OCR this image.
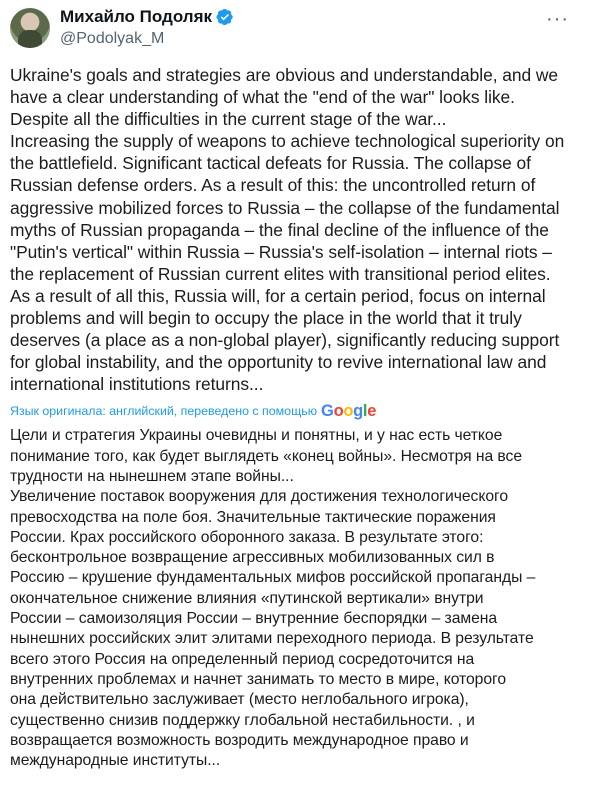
Михайло Подоляк
@Podolyak_M
···
Ukraine's goals and strategies are obvious and understandable, and we
have a clear understanding of what the "end of the war" looks like.
Despite all the difficulties in the current stage of the war...
Increasing the supply of weapons to achieve technological superiority on
the battlefield. Significant tactical defeats for Russia. The collapse of
Russian defense orders. As a result of this: the uncontrolled return of
aggressive mobilized forces to Russia – the collapse of the fundamental
myths of Russian propaganda – the final decline of the influence of the
"Putin's vertical" within Russia – Russia's self-isolation – internal riots –
the replacement of Russian current elites with transitional period elites.
As a result of all this, Russia will, for a certain period, focus on internal
problems and will begin to occupy the place in the world that it truly
deserves (a place as a non-global player), significantly reducing support
for global instability, and the opportunity to revive international law and
international institutions returns...
Язык оригинала: английский, переведено с помощью Google
Цели и стратегия Украины очевидны и понятны, и у нас есть четкое
понимание того, как будет выглядеть «конец войны». Несмотря на все
трудности на нынешнем этапе войны...
Увеличение поставок вооружения для достижения технологического
превосходства на поле боя. Значительные тактические поражения
России. Крах российского оборонного заказа. В результате этого:
бесконтрольное возвращение агрессивных мобилизованных сил в
Россию – крушение фундаментальных мифов российской пропаганды –
окончательное снижение влияния «путинской вертикали» внутри
России – самоизоляция России – внутренние беспорядки – замена
нынешних российских элит элитами переходного периода. В результате
всего этого Россия на определенный период сосредоточится на
внутренних проблемах и начнет занимать то место в мире, которого
она действительно заслуживает (место неглобального игрока),
существенно снизив поддержку глобальной нестабильности. , и
возвращается возможность возродить международное право и
международные институты...
